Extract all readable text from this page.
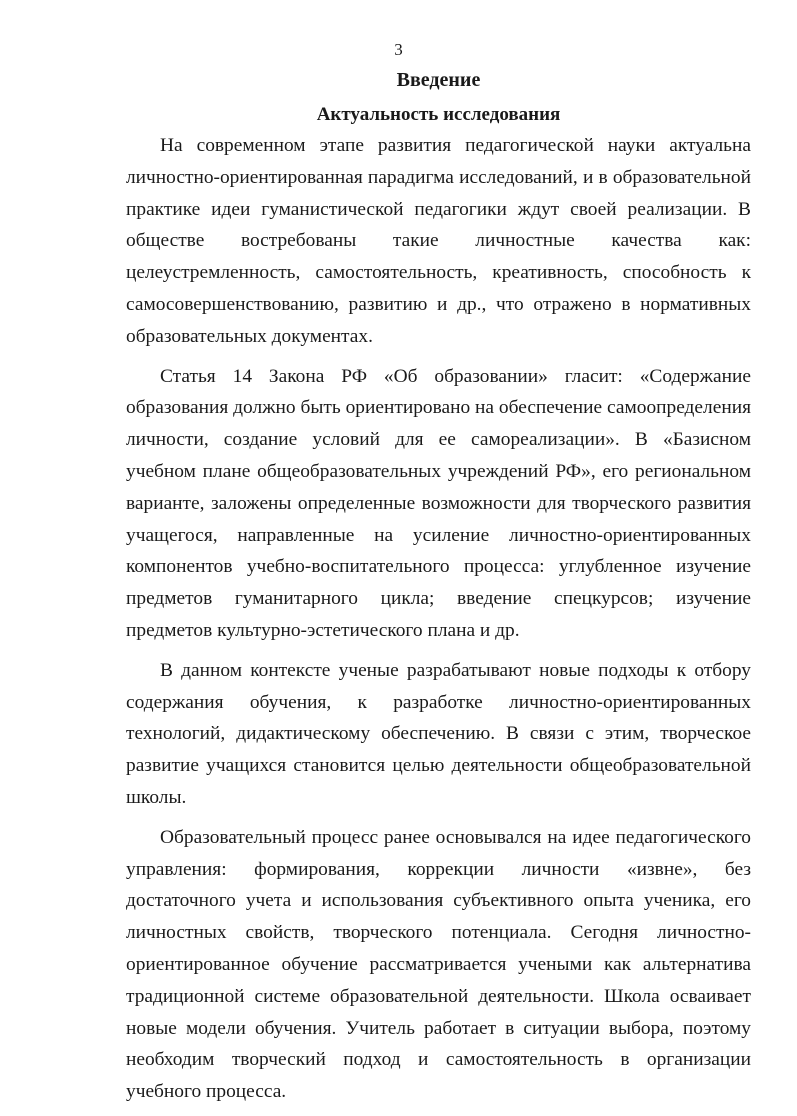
3
Введение
Актуальность исследования

На современном этапе развития педагогической науки актуальна личностно-ориентированная парадигма исследований, и в образовательной практике идеи гуманистической педагогики ждут своей реализации. В обществе востребованы такие личностные качества как: целеустремленность, самостоятельность, креативность, способность к самосовершенствованию, развитию и др., что отражено в нормативных образовательных документах.

Статья 14 Закона РФ «Об образовании» гласит: «Содержание образования должно быть ориентировано на обеспечение самоопределения личности, создание условий для ее самореализации». В «Базисном учебном плане общеобразовательных учреждений РФ», его региональном варианте, заложены определенные возможности для творческого развития учащегося, направленные на усиление личностно-ориентированных компонентов учебно-воспитательного процесса: углубленное изучение предметов гуманитарного цикла; введение спецкурсов; изучение предметов культурно-эстетического плана и др.

В данном контексте ученые разрабатывают новые подходы к отбору содержания обучения, к разработке личностно-ориентированных технологий, дидактическому обеспечению. В связи с этим, творческое развитие учащихся становится целью деятельности общеобразовательной школы.

Образовательный процесс ранее основывался на идее педагогического управления: формирования, коррекции личности «извне», без достаточного учета и использования субъективного опыта ученика, его личностных свойств, творческого потенциала. Сегодня личностно-ориентированное обучение рассматривается учеными как альтернатива традиционной системе образовательной деятельности. Школа осваивает новые модели обучения. Учитель работает в ситуации выбора, поэтому необходим творческий подход и самостоятельность в организации учебного процесса.
